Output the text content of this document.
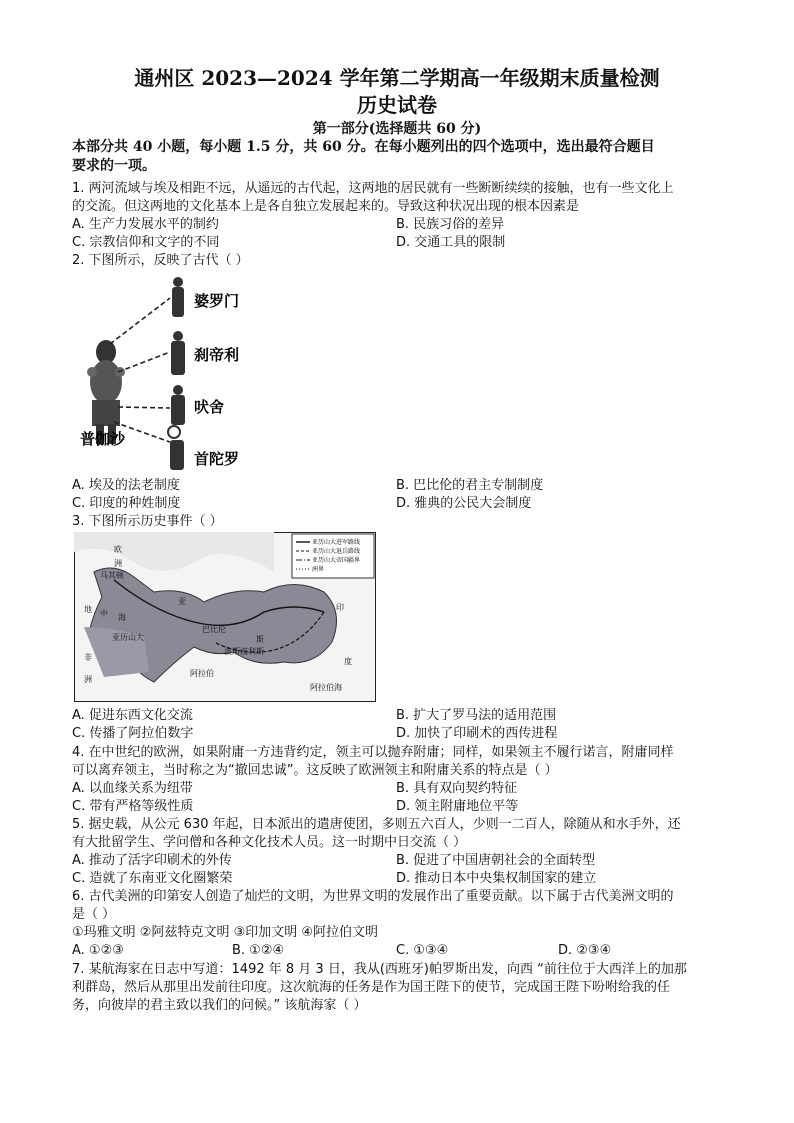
通州区 2023—2024 学年第二学期高一年级期末质量检测
历史试卷
第一部分(选择题共 60 分)
本部分共 40 小题，每小题 1.5 分，共 60 分。在每小题列出的四个选项中，选出最符合题目
要求的一项。
1. 两河流域与埃及相距不远，从遥远的古代起，这两地的居民就有一些断断续续的接触，也有一些文化上
的交流。但这两地的文化基本上是各自独立发展起来的。导致这种状况出现的根本因素是
A. 生产力发展水平的制约	B. 民族习俗的差异
C. 宗教信仰和文字的不同	D. 交通工具的限制
2. 下图所示，反映了古代（ ）
婆罗门
刹帝利
吠舍
首陀罗
普伽沙
A. 埃及的法老制度	B. 巴比伦的君主专制制度
C. 印度的种姓制度	D. 雅典的公民大会制度
3. 下图所示历史事件（ ）
亚历山大进军路线
亚历山大退兵路线
亚历山大帝国疆界
洲界
欧
洲
马其顿
地 中 海
亚历山大
亚
巴比伦
波斯波利斯
斯
印
度
阿拉伯
阿拉伯海
非
洲
A. 促进东西文化交流	B. 扩大了罗马法的适用范围
C. 传播了阿拉伯数字	D. 加快了印刷术的西传进程
4. 在中世纪的欧洲，如果附庸一方违背约定，领主可以抛弃附庸；同样，如果领主不履行诺言，附庸同样
可以离弃领主，当时称之为“撤回忠诚”。这反映了欧洲领主和附庸关系的特点是（ ）
A. 以血缘关系为纽带	B. 具有双向契约特征
C. 带有严格等级性质	D. 领主附庸地位平等
5. 据史载，从公元 630 年起，日本派出的遣唐使团，多则五六百人，少则一二百人，除随从和水手外，还
有大批留学生、学问僧和各种文化技术人员。这一时期中日交流（ ）
A. 推动了活字印刷术的外传	B. 促进了中国唐朝社会的全面转型
C. 造就了东南亚文化圈繁荣	D. 推动日本中央集权制国家的建立
6. 古代美洲的印第安人创造了灿烂的文明，为世界文明的发展作出了重要贡献。以下属于古代美洲文明的
是（ ）
①玛雅文明 ②阿兹特克文明 ③印加文明 ④阿拉伯文明
A. ①②③	B. ①②④	C. ①③④	D. ②③④
7. 某航海家在日志中写道：1492 年 8 月 3 日，我从(西班牙)帕罗斯出发，向西 “前往位于大西洋上的加那
利群岛，然后从那里出发前往印度。这次航海的任务是作为国王陛下的使节，完成国王陛下吩咐给我的任
务，向彼岸的君主致以我们的问候。” 该航海家（ ）
